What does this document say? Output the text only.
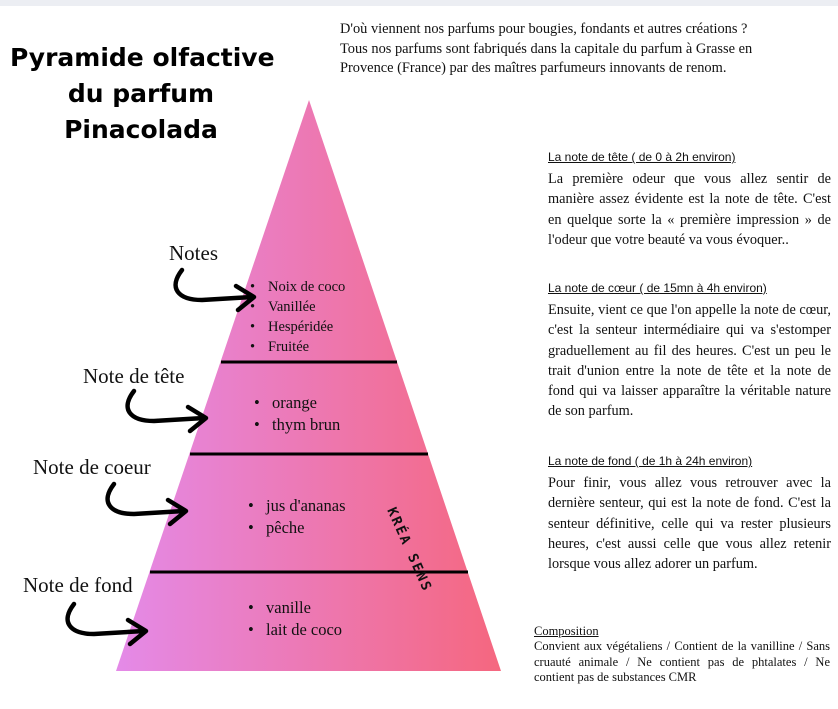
Pyramide olfactive
du parfum
Pinacolada
D'où viennent nos parfums pour bougies, fondants et autres créations ?
Tous nos parfums sont fabriqués dans la capitale du parfum à Grasse en
Provence (France) par des maîtres parfumeurs innovants de renom.
KRÉA SENS
Notes
Note de tête
Note de coeur
Note de fond
• Noix de coco
• Vanillée
• Hespéridée
• Fruitée
• orange
• thym brun
• jus d'ananas
• pêche
• vanille
• lait de coco
La note de tête ( de 0 à 2h environ)
La première odeur que vous allez sentir de manière assez évidente est la note de tête. C'est en quelque sorte la « première impression » de l'odeur que votre beauté va vous évoquer..
La note de cœur ( de 15mn à 4h environ)
Ensuite, vient ce que l'on appelle la note de cœur, c'est la senteur intermédiaire qui va s'estomper graduellement au fil des heures. C'est un peu le trait d'union entre la note de tête et la note de fond qui va laisser apparaître la véritable nature de son parfum.
La note de fond ( de 1h à 24h environ)
Pour finir, vous allez vous retrouver avec la dernière senteur, qui est la note de fond. C'est la senteur définitive, celle qui va rester plusieurs heures, c'est aussi celle que vous allez retenir lorsque vous allez adorer un parfum.
Composition
Convient aux végétaliens / Contient de la vanilline / Sans cruauté animale / Ne contient pas de phtalates / Ne contient pas de substances CMR
